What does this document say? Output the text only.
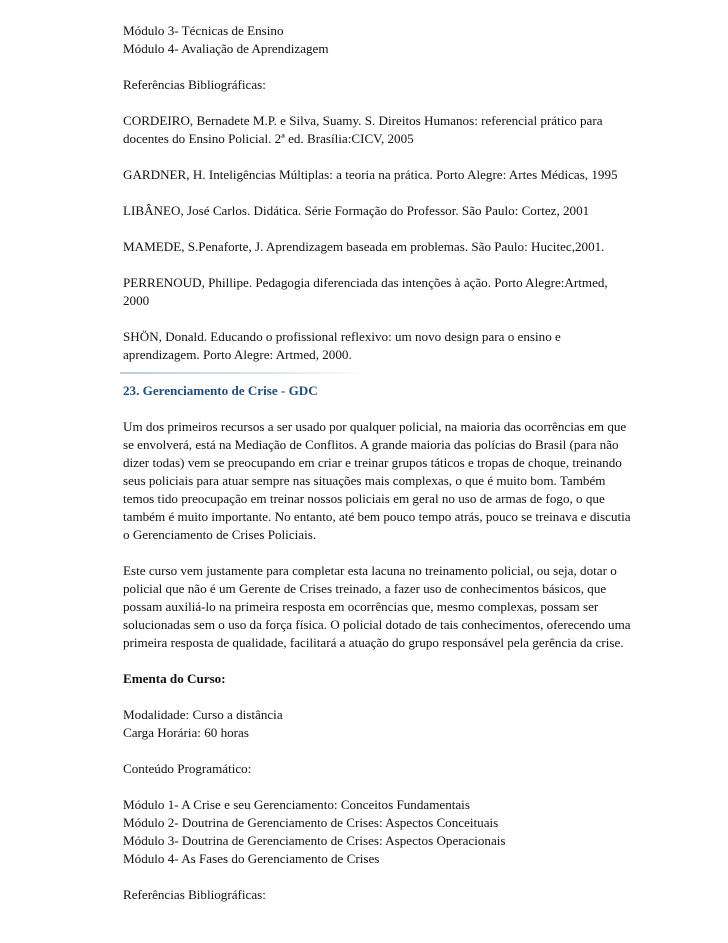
Módulo 3- Técnicas de Ensino

Módulo 4- Avaliação de Aprendizagem

Referências Bibliográficas:

CORDEIRO, Bernadete M.P. e Silva, Suamy. S. Direitos Humanos: referencial prático para
docentes do Ensino Policial. 2ª ed. Brasília:CICV, 2005

GARDNER, H. Inteligências Múltiplas: a teoria na prática. Porto Alegre: Artes Médicas, 1995

LIBÂNEO, José Carlos. Didática. Série Formação do Professor. São Paulo: Cortez, 2001

MAMEDE, S.Penaforte, J. Aprendizagem baseada em problemas. São Paulo: Hucitec,2001.

PERRENOUD, Phillipe. Pedagogia diferenciada das intenções à ação. Porto Alegre:Artmed,
2000

SHÖN, Donald. Educando o profissional reflexivo: um novo design para o ensino e
aprendizagem. Porto Alegre: Artmed, 2000.

23. Gerenciamento de Crise - GDC

Um dos primeiros recursos a ser usado por qualquer policial, na maioria das ocorrências em que
se envolverá, está na Mediação de Conflitos. A grande maioria das polícias do Brasil (para não
dizer todas) vem se preocupando em criar e treinar grupos táticos e tropas de choque, treinando
seus policiais para atuar sempre nas situações mais complexas, o que é muito bom. Também
temos tido preocupação em treinar nossos policiais em geral no uso de armas de fogo, o que
também é muito importante. No entanto, até bem pouco tempo atrás, pouco se treinava e discutia
o Gerenciamento de Crises Policiais.

Este curso vem justamente para completar esta lacuna no treinamento policial, ou seja, dotar o
policial que não é um Gerente de Crises treinado, a fazer uso de conhecimentos básicos, que
possam auxiliá-lo na primeira resposta em ocorrências que, mesmo complexas, possam ser
solucionadas sem o uso da força física. O policial dotado de tais conhecimentos, oferecendo uma
primeira resposta de qualidade, facilitará a atuação do grupo responsável pela gerência da crise.

Ementa do Curso:

Modalidade: Curso a distância

Carga Horária: 60 horas

Conteúdo Programático:

Módulo 1- A Crise e seu Gerenciamento: Conceitos Fundamentais

Módulo 2- Doutrina de Gerenciamento de Crises: Aspectos Conceituais

Módulo 3- Doutrina de Gerenciamento de Crises: Aspectos Operacionais

Módulo 4- As Fases do Gerenciamento de Crises

Referências Bibliográficas:
